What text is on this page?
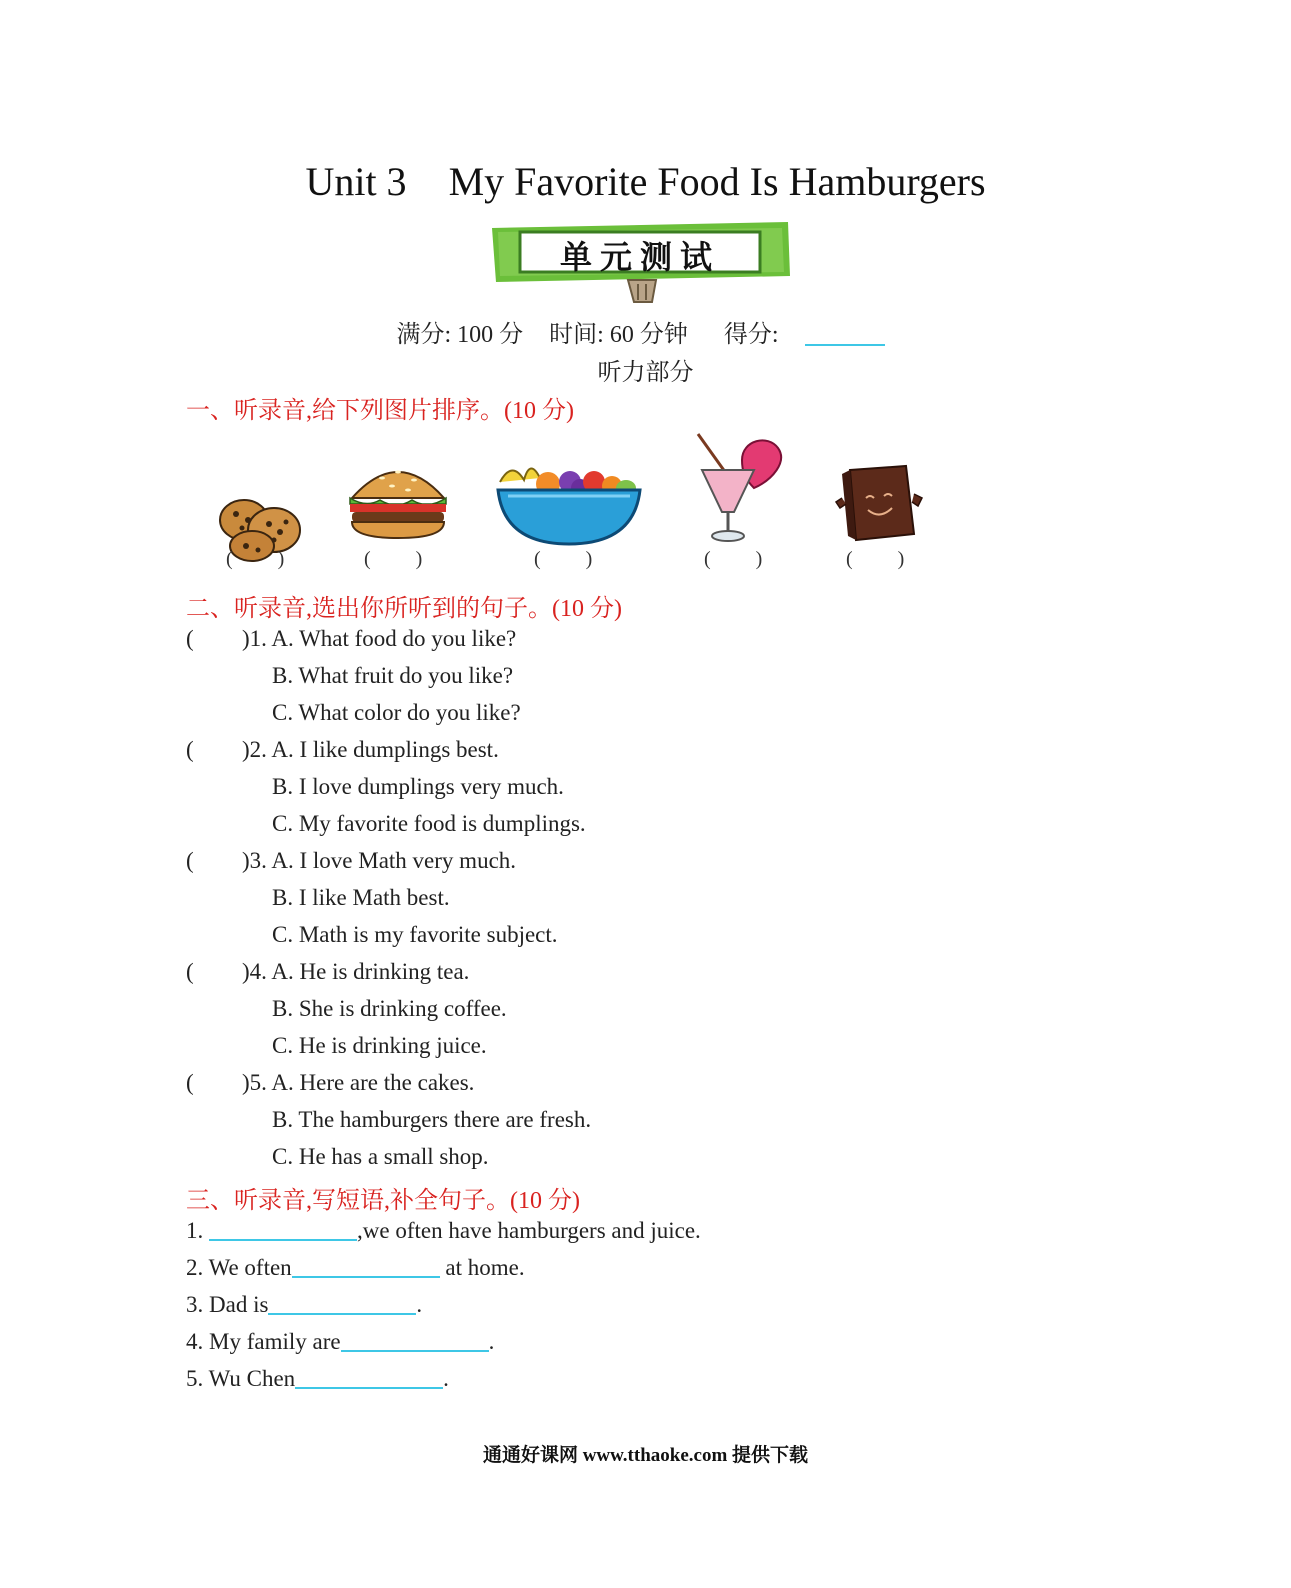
Unit 3 My Favorite Food Is Hamburgers
单元测试
满分: 100 分 时间: 60 分钟 得分:
听力部分
一、听录音,给下列图片排序。(10 分)
( )	( )	( )	( )	( )
二、听录音,选出你所听到的句子。(10 分)
( )1. A. What food do you like?
B. What fruit do you like?
C. What color do you like?
( )2. A. I like dumplings best.
B. I love dumplings very much.
C. My favorite food is dumplings.
( )3. A. I love Math very much.
B. I like Math best.
C. Math is my favorite subject.
( )4. A. He is drinking tea.
B. She is drinking coffee.
C. He is drinking juice.
( )5. A. Here are the cakes.
B. The hamburgers there are fresh.
C. He has a small shop.
三、听录音,写短语,补全句子。(10 分)
1.	,we often have hamburgers and juice.
2. We often	at home.
3. Dad is	.
4. My family are	.
5. Wu Chen	.
通通好课网 www.tthaoke.com 提供下载
